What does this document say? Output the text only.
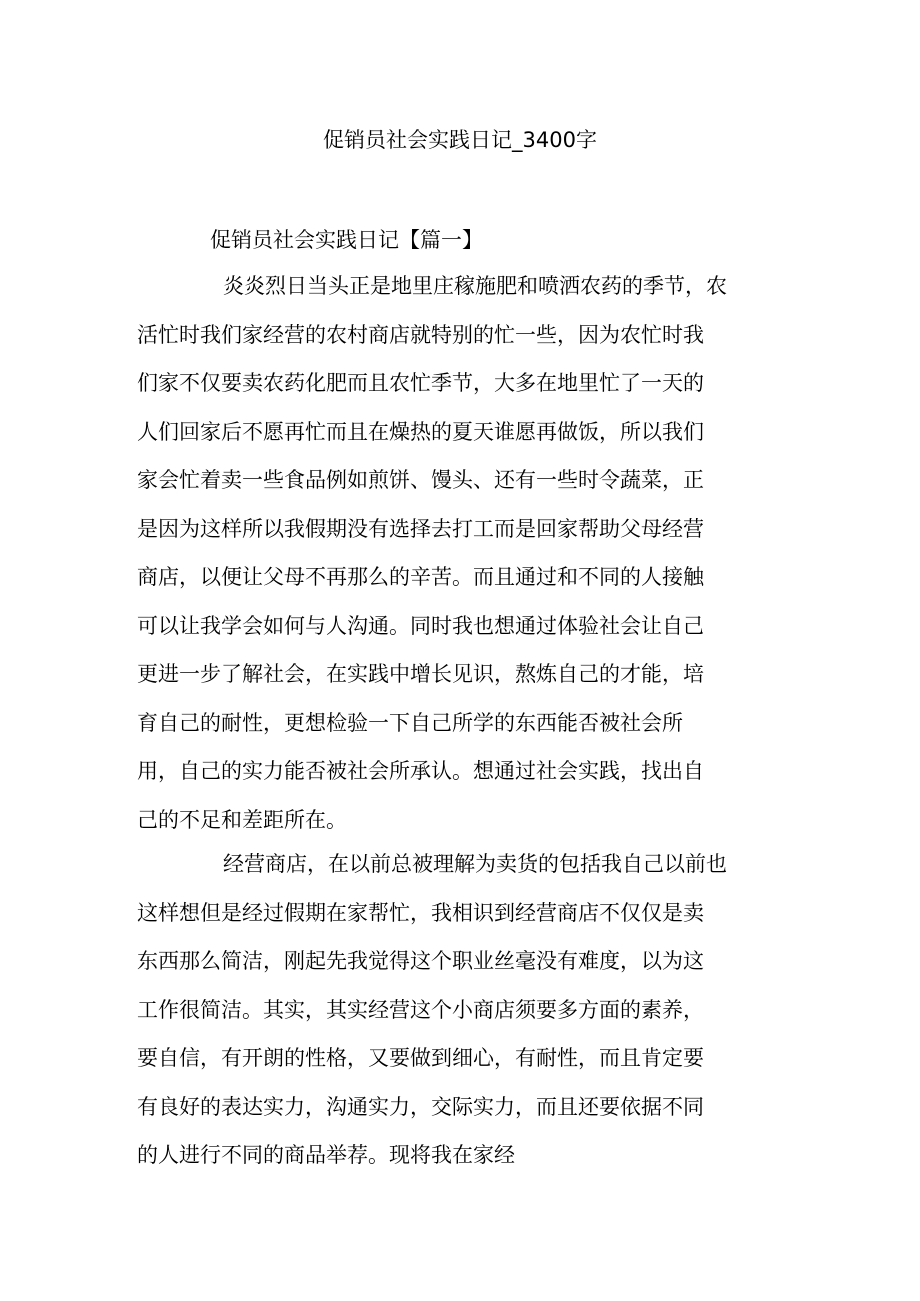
促销员社会实践日记_3400字
促销员社会实践日记【篇一】
炎炎烈日当头正是地里庄稼施肥和喷洒农药的季节，农
活忙时我们家经营的农村商店就特别的忙一些，因为农忙时我
们家不仅要卖农药化肥而且农忙季节，大多在地里忙了一天的
人们回家后不愿再忙而且在燥热的夏天谁愿再做饭，所以我们
家会忙着卖一些食品例如煎饼、馒头、还有一些时令蔬菜，正
是因为这样所以我假期没有选择去打工而是回家帮助父母经营
商店，以便让父母不再那么的辛苦。而且通过和不同的人接触
可以让我学会如何与人沟通。同时我也想通过体验社会让自己
更进一步了解社会，在实践中增长见识，熬炼自己的才能，培
育自己的耐性，更想检验一下自己所学的东西能否被社会所
用，自己的实力能否被社会所承认。想通过社会实践，找出自
己的不足和差距所在。
经营商店，在以前总被理解为卖货的包括我自己以前也
这样想但是经过假期在家帮忙，我相识到经营商店不仅仅是卖
东西那么简洁，刚起先我觉得这个职业丝毫没有难度，以为这
工作很简洁。其实，其实经营这个小商店须要多方面的素养，
要自信，有开朗的性格，又要做到细心，有耐性，而且肯定要
有良好的表达实力，沟通实力，交际实力，而且还要依据不同
的人进行不同的商品举荐。现将我在家经
